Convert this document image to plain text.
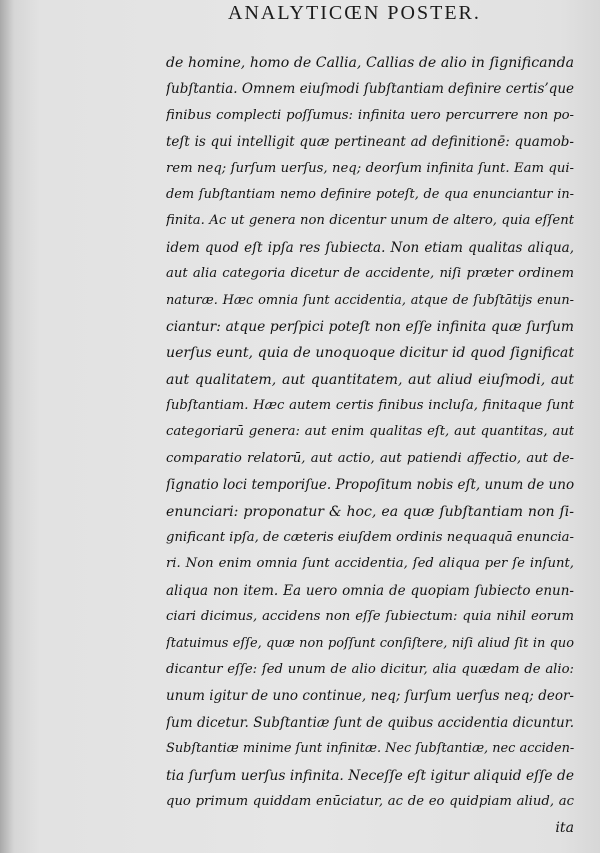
ANALYTICŒN POSTER.
de homine, homo de Callia, Callias de alio in ſignificanda
ſubſtantia. Omnem eiuſmodi ſubſtantiam definire certis’que
finibus complecti poſſumus: infinita uero percurrere non po-
teſt is qui intelligit quæ pertineant ad definitionē: quamob-
rem neq; ſurſum uerſus, neq; deorſum infinita ſunt. Eam qui-
dem ſubſtantiam nemo definire poteſt, de qua enunciantur in-
finita. Ac ut genera non dicentur unum de altero, quia eſſent
idem quod eſt ipſa res ſubiecta. Non etiam qualitas aliqua,
aut alia categoria dicetur de accidente, niſi præter ordinem
naturæ. Hæc omnia ſunt accidentia, atque de ſubſtātijs enun-
ciantur: atque perſpici poteſt non eſſe infinita quæ ſurſum
uerſus eunt, quia de unoquoque dicitur id quod ſignificat
aut qualitatem, aut quantitatem, aut aliud eiuſmodi, aut
ſubſtantiam. Hæc autem certis finibus incluſa, finitaque ſunt
categoriarū genera: aut enim qualitas eſt, aut quantitas, aut
comparatio relatorū, aut actio, aut patiendi affectio, aut de-
ſignatio loci temporiſue. Propoſitum nobis eſt, unum de uno
enunciari: proponatur & hoc, ea quæ ſubſtantiam non ſi-
gnificant ipſa, de cæteris eiuſdem ordinis nequaquā enuncia-
ri. Non enim omnia ſunt accidentia, ſed aliqua per ſe inſunt,
aliqua non item. Ea uero omnia de quopiam ſubiecto enun-
ciari dicimus, accidens non eſſe ſubiectum: quia nihil eorum
ſtatuimus eſſe, quæ non poſſunt conſiſtere, niſi aliud ſit in quo
dicantur eſſe: ſed unum de alio dicitur, alia quædam de alio:
unum igitur de uno continue, neq; ſurſum uerſus neq; deor-
ſum dicetur. Subſtantiæ ſunt de quibus accidentia dicuntur.
Subſtantiæ minime ſunt infinitæ. Nec ſubſtantiæ, nec acciden-
tia ſurſum uerſus infinita. Neceſſe eſt igitur aliquid eſſe de
quo primum quiddam enūciatur, ac de eo quidpiam aliud, ac
ita
